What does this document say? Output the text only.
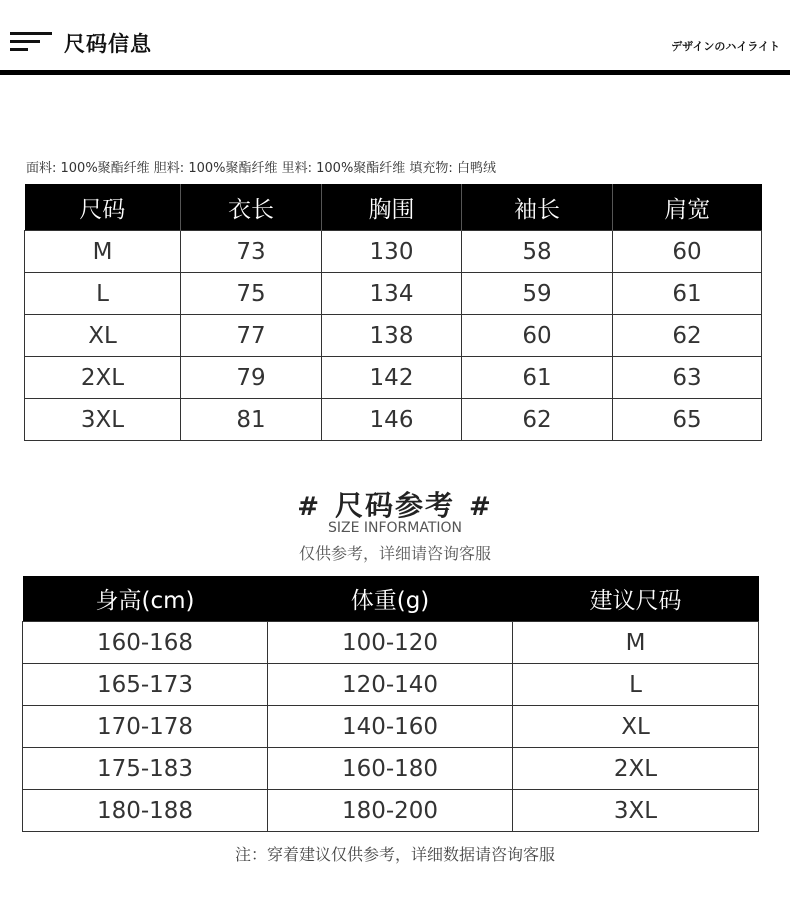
尺码信息	デザインのハイライト
面料: 100%聚酯纤维 胆料: 100%聚酯纤维 里料: 100%聚酯纤维 填充物: 白鸭绒
尺码	衣长	胸围	袖长	肩宽
M	73	130	58	60
L	75	134	59	61
XL	77	138	60	62
2XL	79	142	61	63
3XL	81	146	62	65
# 尺码参考 #
SIZE INFORMATION
仅供参考，详细请咨询客服
身高(cm)	体重(g)	建议尺码
160-168	100-120	M
165-173	120-140	L
170-178	140-160	XL
175-183	160-180	2XL
180-188	180-200	3XL
注：穿着建议仅供参考，详细数据请咨询客服
